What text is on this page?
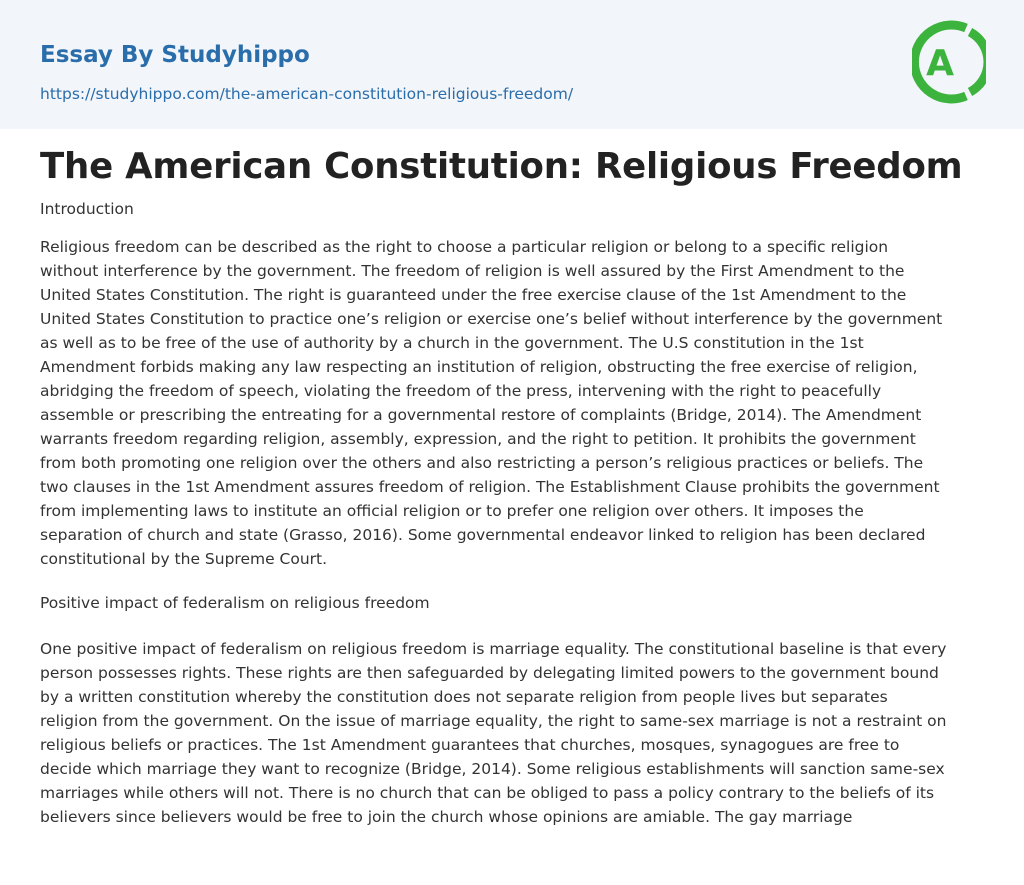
Essay By Studyhippo
https://studyhippo.com/the-american-constitution-religious-freedom/
A
The American Constitution: Religious Freedom
Introduction
Religious freedom can be described as the right to choose a particular religion or belong to a specific religion
without interference by the government. The freedom of religion is well assured by the First Amendment to the
United States Constitution. The right is guaranteed under the free exercise clause of the 1st Amendment to the
United States Constitution to practice one’s religion or exercise one’s belief without interference by the government
as well as to be free of the use of authority by a church in the government. The U.S constitution in the 1st
Amendment forbids making any law respecting an institution of religion, obstructing the free exercise of religion,
abridging the freedom of speech, violating the freedom of the press, intervening with the right to peacefully
assemble or prescribing the entreating for a governmental restore of complaints (Bridge, 2014). The Amendment
warrants freedom regarding religion, assembly, expression, and the right to petition. It prohibits the government
from both promoting one religion over the others and also restricting a person’s religious practices or beliefs. The
two clauses in the 1st Amendment assures freedom of religion. The Establishment Clause prohibits the government
from implementing laws to institute an official religion or to prefer one religion over others. It imposes the
separation of church and state (Grasso, 2016). Some governmental endeavor linked to religion has been declared
constitutional by the Supreme Court.
Positive impact of federalism on religious freedom
One positive impact of federalism on religious freedom is marriage equality. The constitutional baseline is that every
person possesses rights. These rights are then safeguarded by delegating limited powers to the government bound
by a written constitution whereby the constitution does not separate religion from people lives but separates
religion from the government. On the issue of marriage equality, the right to same-sex marriage is not a restraint on
religious beliefs or practices. The 1st Amendment guarantees that churches, mosques, synagogues are free to
decide which marriage they want to recognize (Bridge, 2014). Some religious establishments will sanction same-sex
marriages while others will not. There is no church that can be obliged to pass a policy contrary to the beliefs of its
believers since believers would be free to join the church whose opinions are amiable. The gay marriage
